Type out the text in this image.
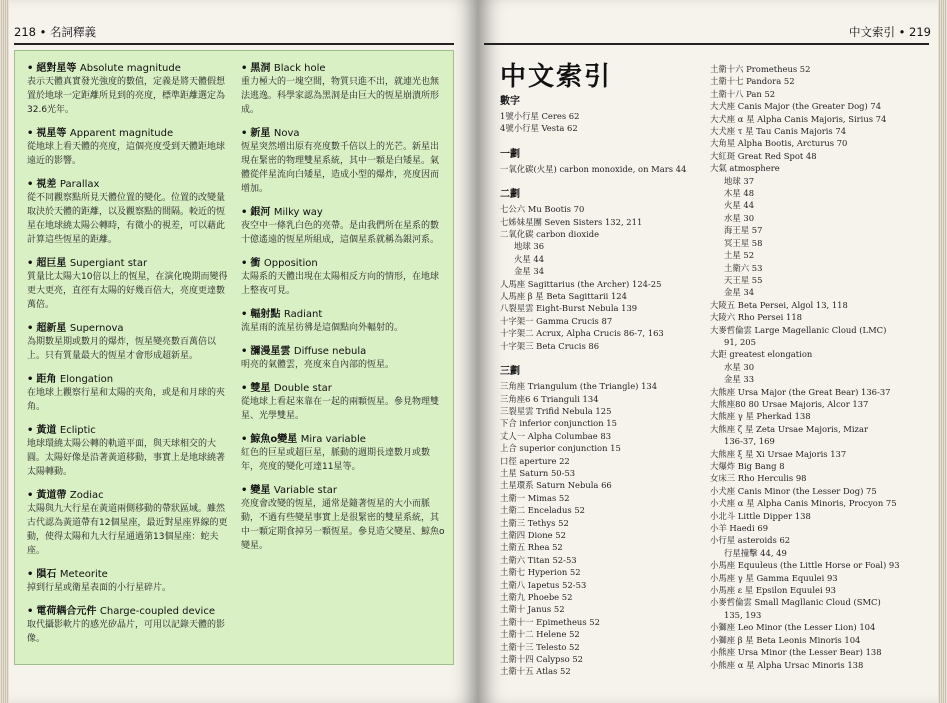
218 • 名詞釋義
• 絕對星等 Absolute magnitude
表示天體真實發光強度的數值，定義是將天體假想置於地球一定距離所見到的亮度，標準距離選定為32.6光年。
• 視星等 Apparent magnitude
從地球上看天體的亮度，這個亮度受到天體距地球遠近的影響。
• 視差 Parallax
從不同觀察點所見天體位置的變化。位置的改變量取決於天體的距離，以及觀察點的間隔。較近的恆星在地球繞太陽公轉時，有微小的視差，可以藉此計算這些恆星的距離。
• 超巨星 Supergiant star
質量比太陽大10倍以上的恆星，在演化晚期而變得更大更亮，直徑有太陽的好幾百倍大，亮度更達數萬倍。
• 超新星 Supernova
為期數星期或數月的爆炸，恆星變亮數百萬倍以上。只有質量最大的恆星才會形成超新星。
• 距角 Elongation
在地球上觀察行星和太陽的夾角，或是和月球的夾角。
• 黃道 Ecliptic
地球環繞太陽公轉的軌道平面，與天球相交的大圓。太陽好像是沿著黃道移動，事實上是地球繞著太陽轉動。
• 黃道帶 Zodiac
太陽與九大行星在黃道兩側移動的帶狀區域。雖然古代認為黃道帶有12個星座，最近對星座界線的更動，使得太陽和九大行星通過第13個星座：蛇夫座。
• 隕石 Meteorite
掉到行星或衛星表面的小行星碎片。
• 電荷耦合元件 Charge-coupled device
取代攝影軟片的感光矽晶片，可用以記錄天體的影像。
• 黑洞 Black hole
重力極大的一塊空間，物質只進不出，就連光也無法逃逸。科學家認為黑洞是由巨大的恆星崩潰所形成。
• 新星 Nova
恆星突然增出原有亮度數千倍以上的光芒。新星出現在緊密的物理雙星系統，其中一顆是白矮星。氣體從伴星流向白矮星，造成小型的爆炸，亮度因而增加。
• 銀河 Milky way
夜空中一條乳白色的亮帶。是由我們所在星系的數十億遙遠的恆星所組成，這個星系就稱為銀河系。
• 衝 Opposition
太陽系的天體出現在太陽相反方向的情形，在地球上整夜可見。
• 輻射點 Radiant
流星雨的流星彷彿是這個點向外輻射的。
• 瀰漫星雲 Diffuse nebula
明亮的氣體雲，亮度來自內部的恆星。
• 雙星 Double star
從地球上看起來靠在一起的兩顆恆星。參見物理雙星、光學雙星。
• 鯨魚ο變星 Mira variable
紅色的巨星或超巨星，脈動的週期長達數月或數年，亮度的變化可達11星等。
• 變星 Variable star
亮度會改變的恆星，通常是隨著恆星的大小而脈動，不過有些變星事實上是很緊密的雙星系統，其中一顆定期食掉另一顆恆星。參見造父變星、鯨魚ο變星。
中文索引 • 219
中文索引
數字
1號小行星 Ceres 62
4號小行星 Vesta 62
一劃
一氧化碳(火星) carbon monoxide, on Mars 44
二劃
七公六 Mu Bootis 70
七姊妹星團 Seven Sisters 132, 211
二氧化碳 carbon dioxide
地球 36
火星 44
金星 34
人馬座 Sagittarius (the Archer) 124-25
人馬座 β 星 Beta Sagittarii 124
八裂星雲 Eight-Burst Nebula 139
十字架一 Gamma Crucis 87
十字架二 Acrux, Alpha Crucis 86-7, 163
十字架三 Beta Crucis 86
三劃
三角座 Triangulum (the Triangle) 134
三角座6 6 Trianguli 134
三裂星雲 Trifid Nebula 125
下合 inferior conjunction 15
丈人一 Alpha Columbae 83
上合 superior conjunction 15
口徑 aperture 22
土星 Saturn 50-53
土星環系 Saturn Nebula 66
土衛一 Mimas 52
土衛二 Enceladus 52
土衛三 Tethys 52
土衛四 Dione 52
土衛五 Rhea 52
土衛六 Titan 52-53
土衛七 Hyperion 52
土衛八 Iapetus 52-53
土衛九 Phoebe 52
土衛十 Janus 52
土衛十一 Epimetheus 52
土衛十二 Helene 52
土衛十三 Telesto 52
土衛十四 Calypso 52
土衛十五 Atlas 52
土衛十六 Prometheus 52
土衛十七 Pandora 52
土衛十八 Pan 52
大犬座 Canis Major (the Greater Dog) 74
大犬座 α 星 Alpha Canis Majoris, Sirius 74
大犬座 τ 星 Tau Canis Majoris 74
大角星 Alpha Bootis, Arcturus 70
大紅斑 Great Red Spot 48
大氣 atmosphere
地球 37
木星 48
火星 44
水星 30
海王星 57
冥王星 58
土星 52
土衛六 53
天王星 55
金星 34
大陵五 Beta Persei, Algol 13, 118
大陵六 Rho Persei 118
大麥哲倫雲 Large Magellanic Cloud (LMC)
91, 205
大距 greatest elongation
水星 30
金星 33
大熊座 Ursa Major (the Great Bear) 136-37
大熊座80 80 Ursae Majoris, Alcor 137
大熊座 γ 星 Pherkad 138
大熊座 ζ 星 Zeta Ursae Majoris, Mizar
136-37, 169
大熊座 ξ 星 Xi Ursae Majoris 137
大爆炸 Big Bang 8
女床三 Rho Herculis 98
小犬座 Canis Minor (the Lesser Dog) 75
小犬座 α 星 Alpha Canis Minoris, Procyon 75
小北斗 Little Dipper 138
小羊 Haedi 69
小行星 asteroids 62
行星撞擊 44, 49
小馬座 Equuleus (the Little Horse or Foal) 93
小馬座 γ 星 Gamma Equulei 93
小馬座 ε 星 Epsilon Equulei 93
小麥哲倫雲 Small Magllanic Cloud (SMC)
135, 193
小獅座 Leo Minor (the Lesser Lion) 104
小獅座 β 星 Beta Leonis Minoris 104
小熊座 Ursa Minor (the Lesser Bear) 138
小熊座 α 星 Alpha Ursac Minoris 138
